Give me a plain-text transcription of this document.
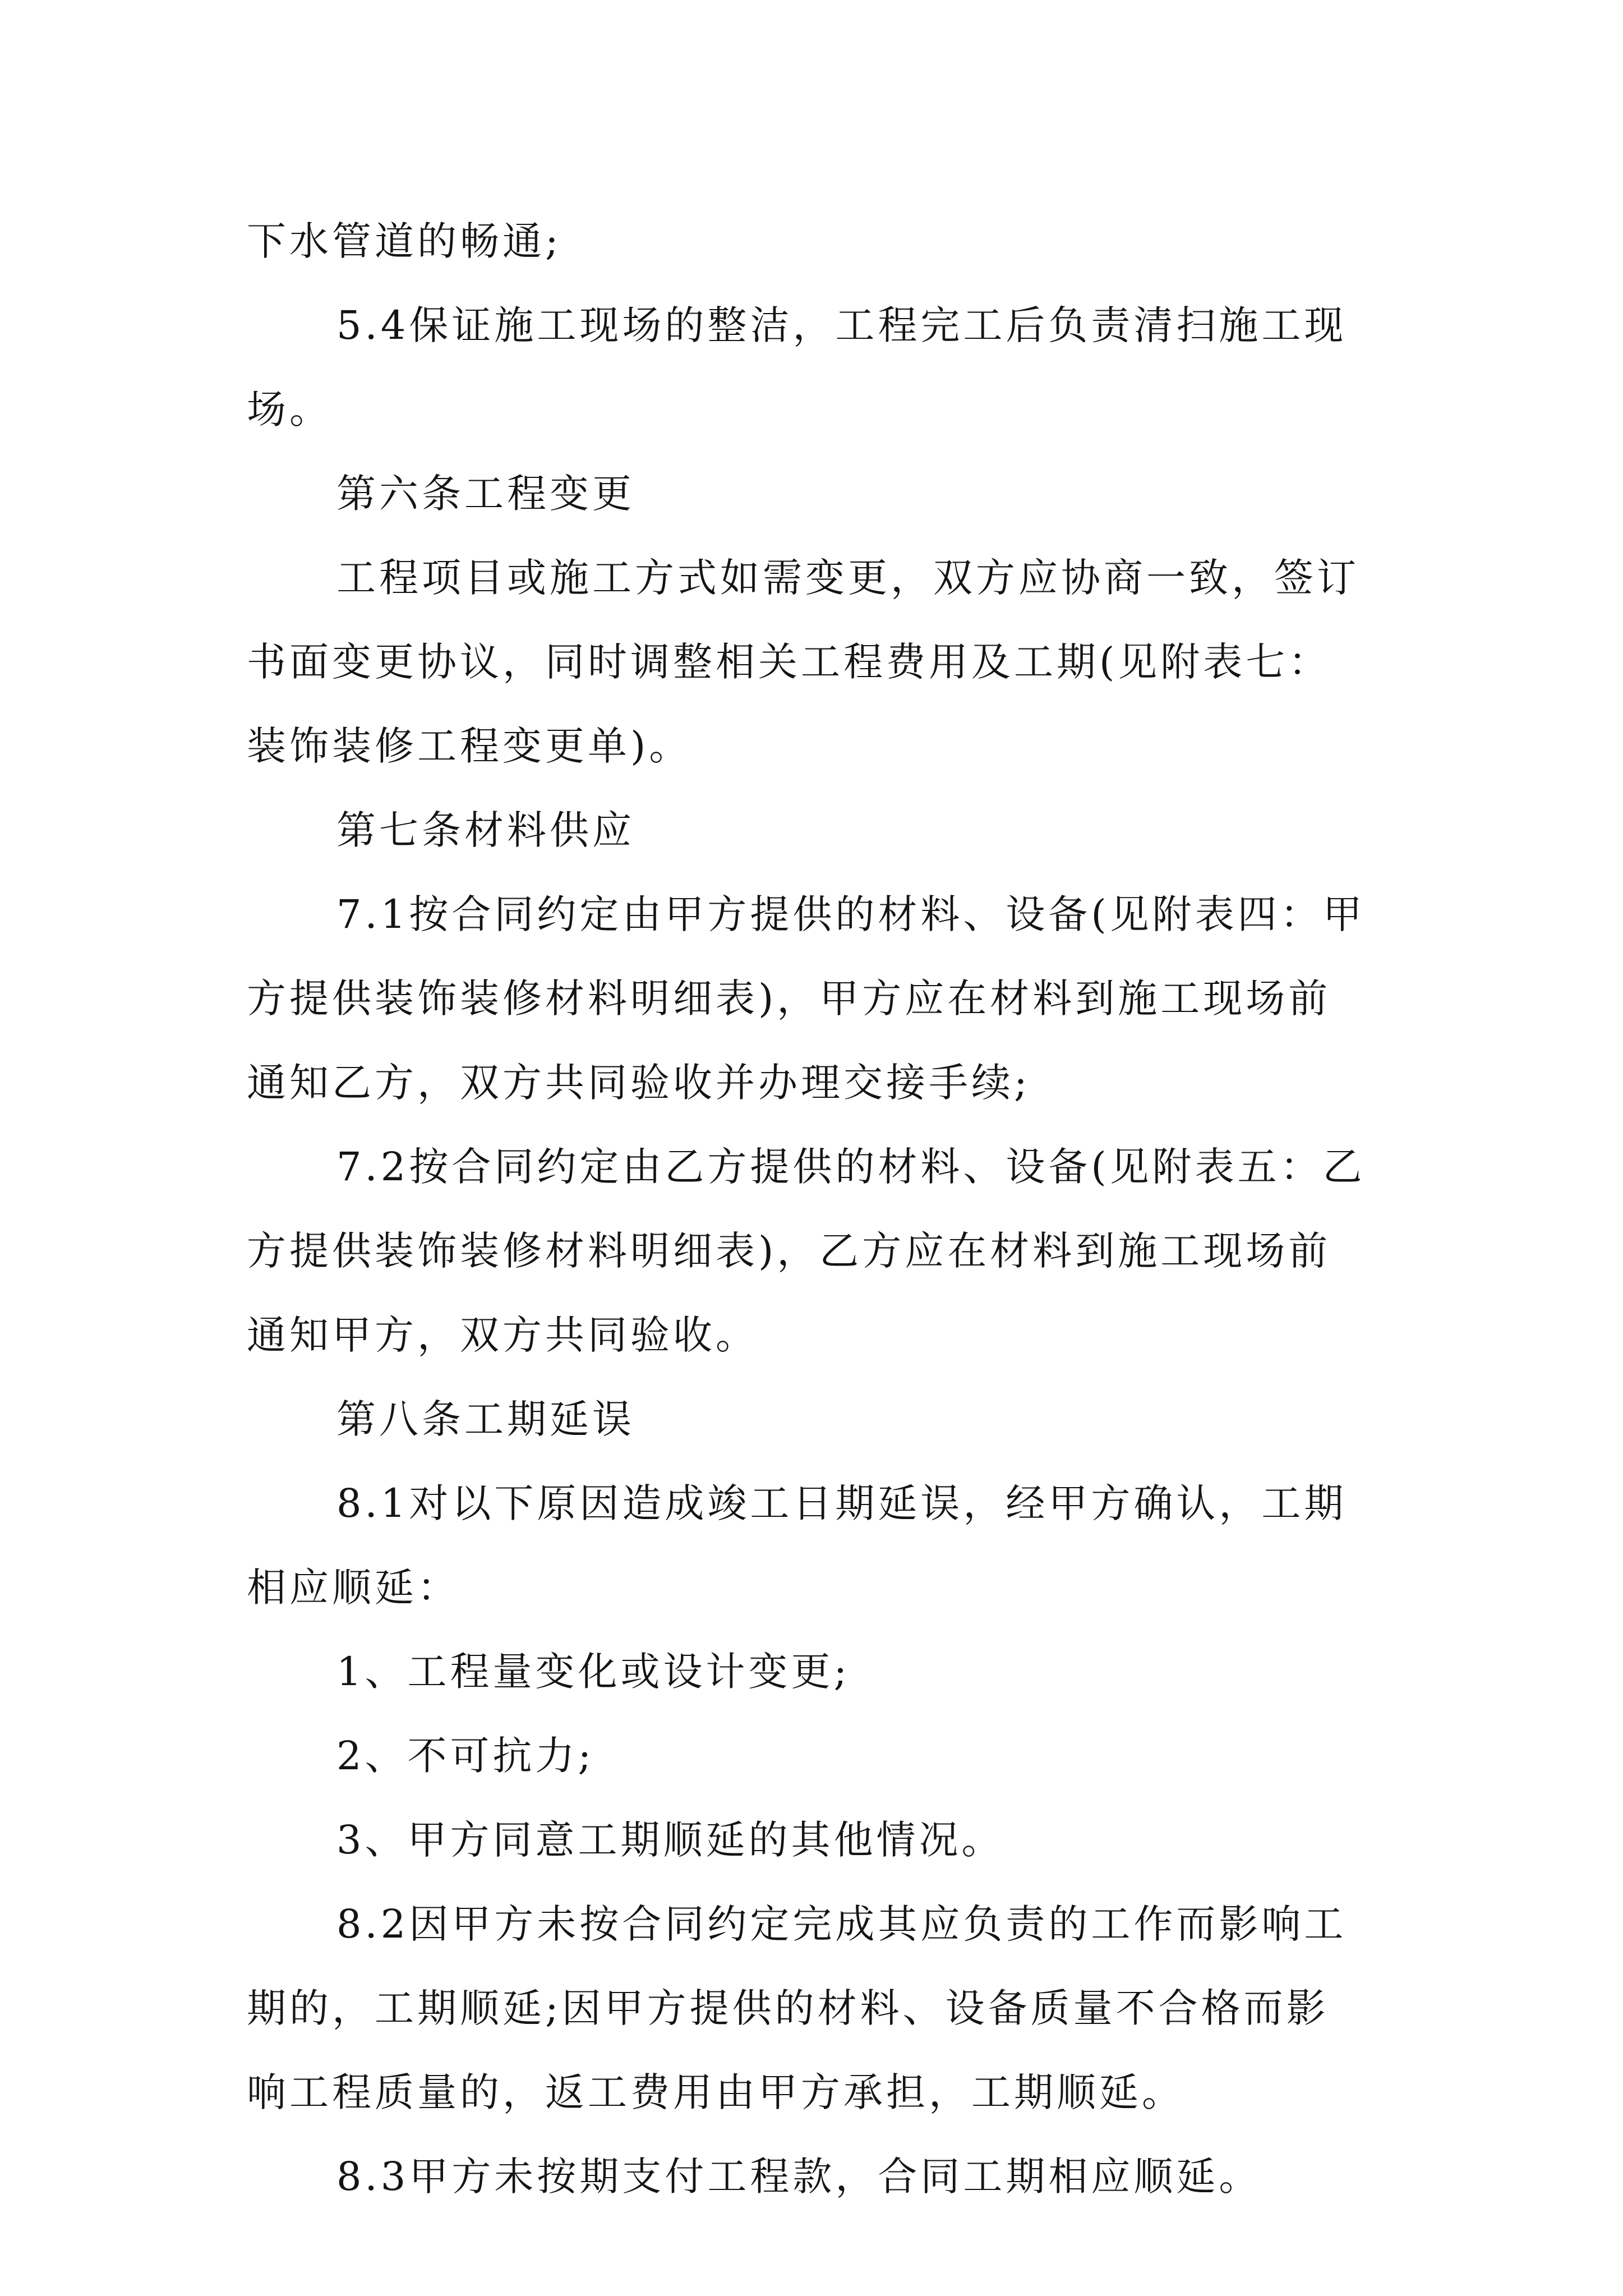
下水管道的畅通;
5.4保证施工现场的整洁，工程完工后负责清扫施工现
场。
第六条工程变更
工程项目或施工方式如需变更，双方应协商一致，签订
书面变更协议，同时调整相关工程费用及工期(见附表七：
装饰装修工程变更单)。
第七条材料供应
7.1按合同约定由甲方提供的材料、设备(见附表四：甲
方提供装饰装修材料明细表)，甲方应在材料到施工现场前
通知乙方，双方共同验收并办理交接手续;
7.2按合同约定由乙方提供的材料、设备(见附表五：乙
方提供装饰装修材料明细表)，乙方应在材料到施工现场前
通知甲方，双方共同验收。
第八条工期延误
8.1对以下原因造成竣工日期延误，经甲方确认，工期
相应顺延：
1、工程量变化或设计变更;
2、不可抗力;
3、甲方同意工期顺延的其他情况。
8.2因甲方未按合同约定完成其应负责的工作而影响工
期的，工期顺延;因甲方提供的材料、设备质量不合格而影
响工程质量的，返工费用由甲方承担，工期顺延。
8.3甲方未按期支付工程款，合同工期相应顺延。
